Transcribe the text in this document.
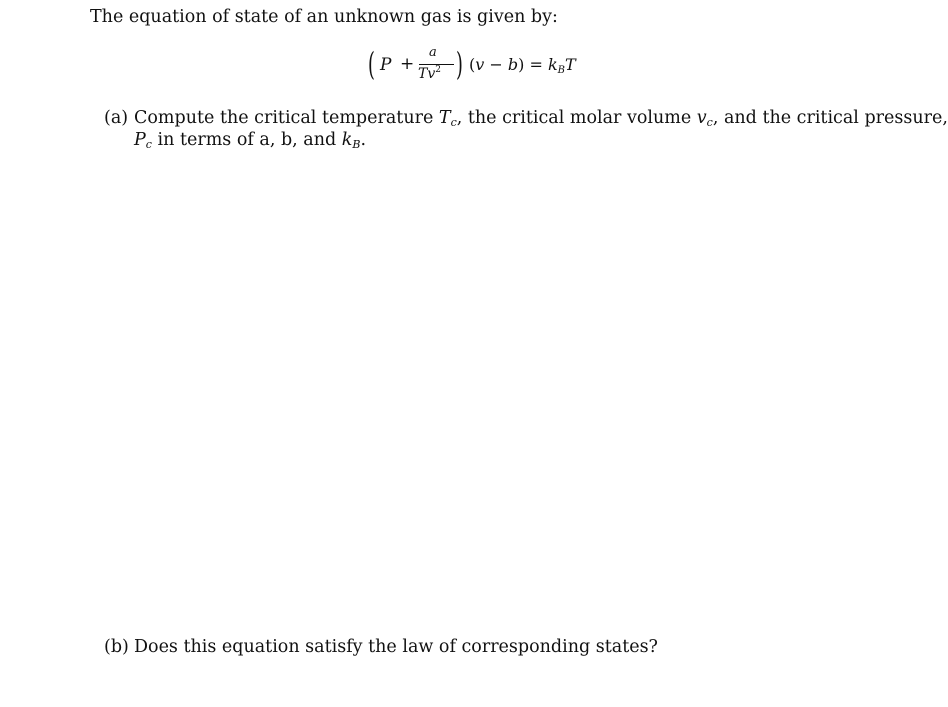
The equation of state of an unknown gas is given by:
( P +
a
Tv$^2$ ) $(v - b) = k_BT$
(a) Compute the critical temperature $T_c$, the critical molar volume $v_c$, and the critical pressure,
$P_c$ in terms of a, b, and $k_B$.
(b) Does this equation satisfy the law of corresponding states?
